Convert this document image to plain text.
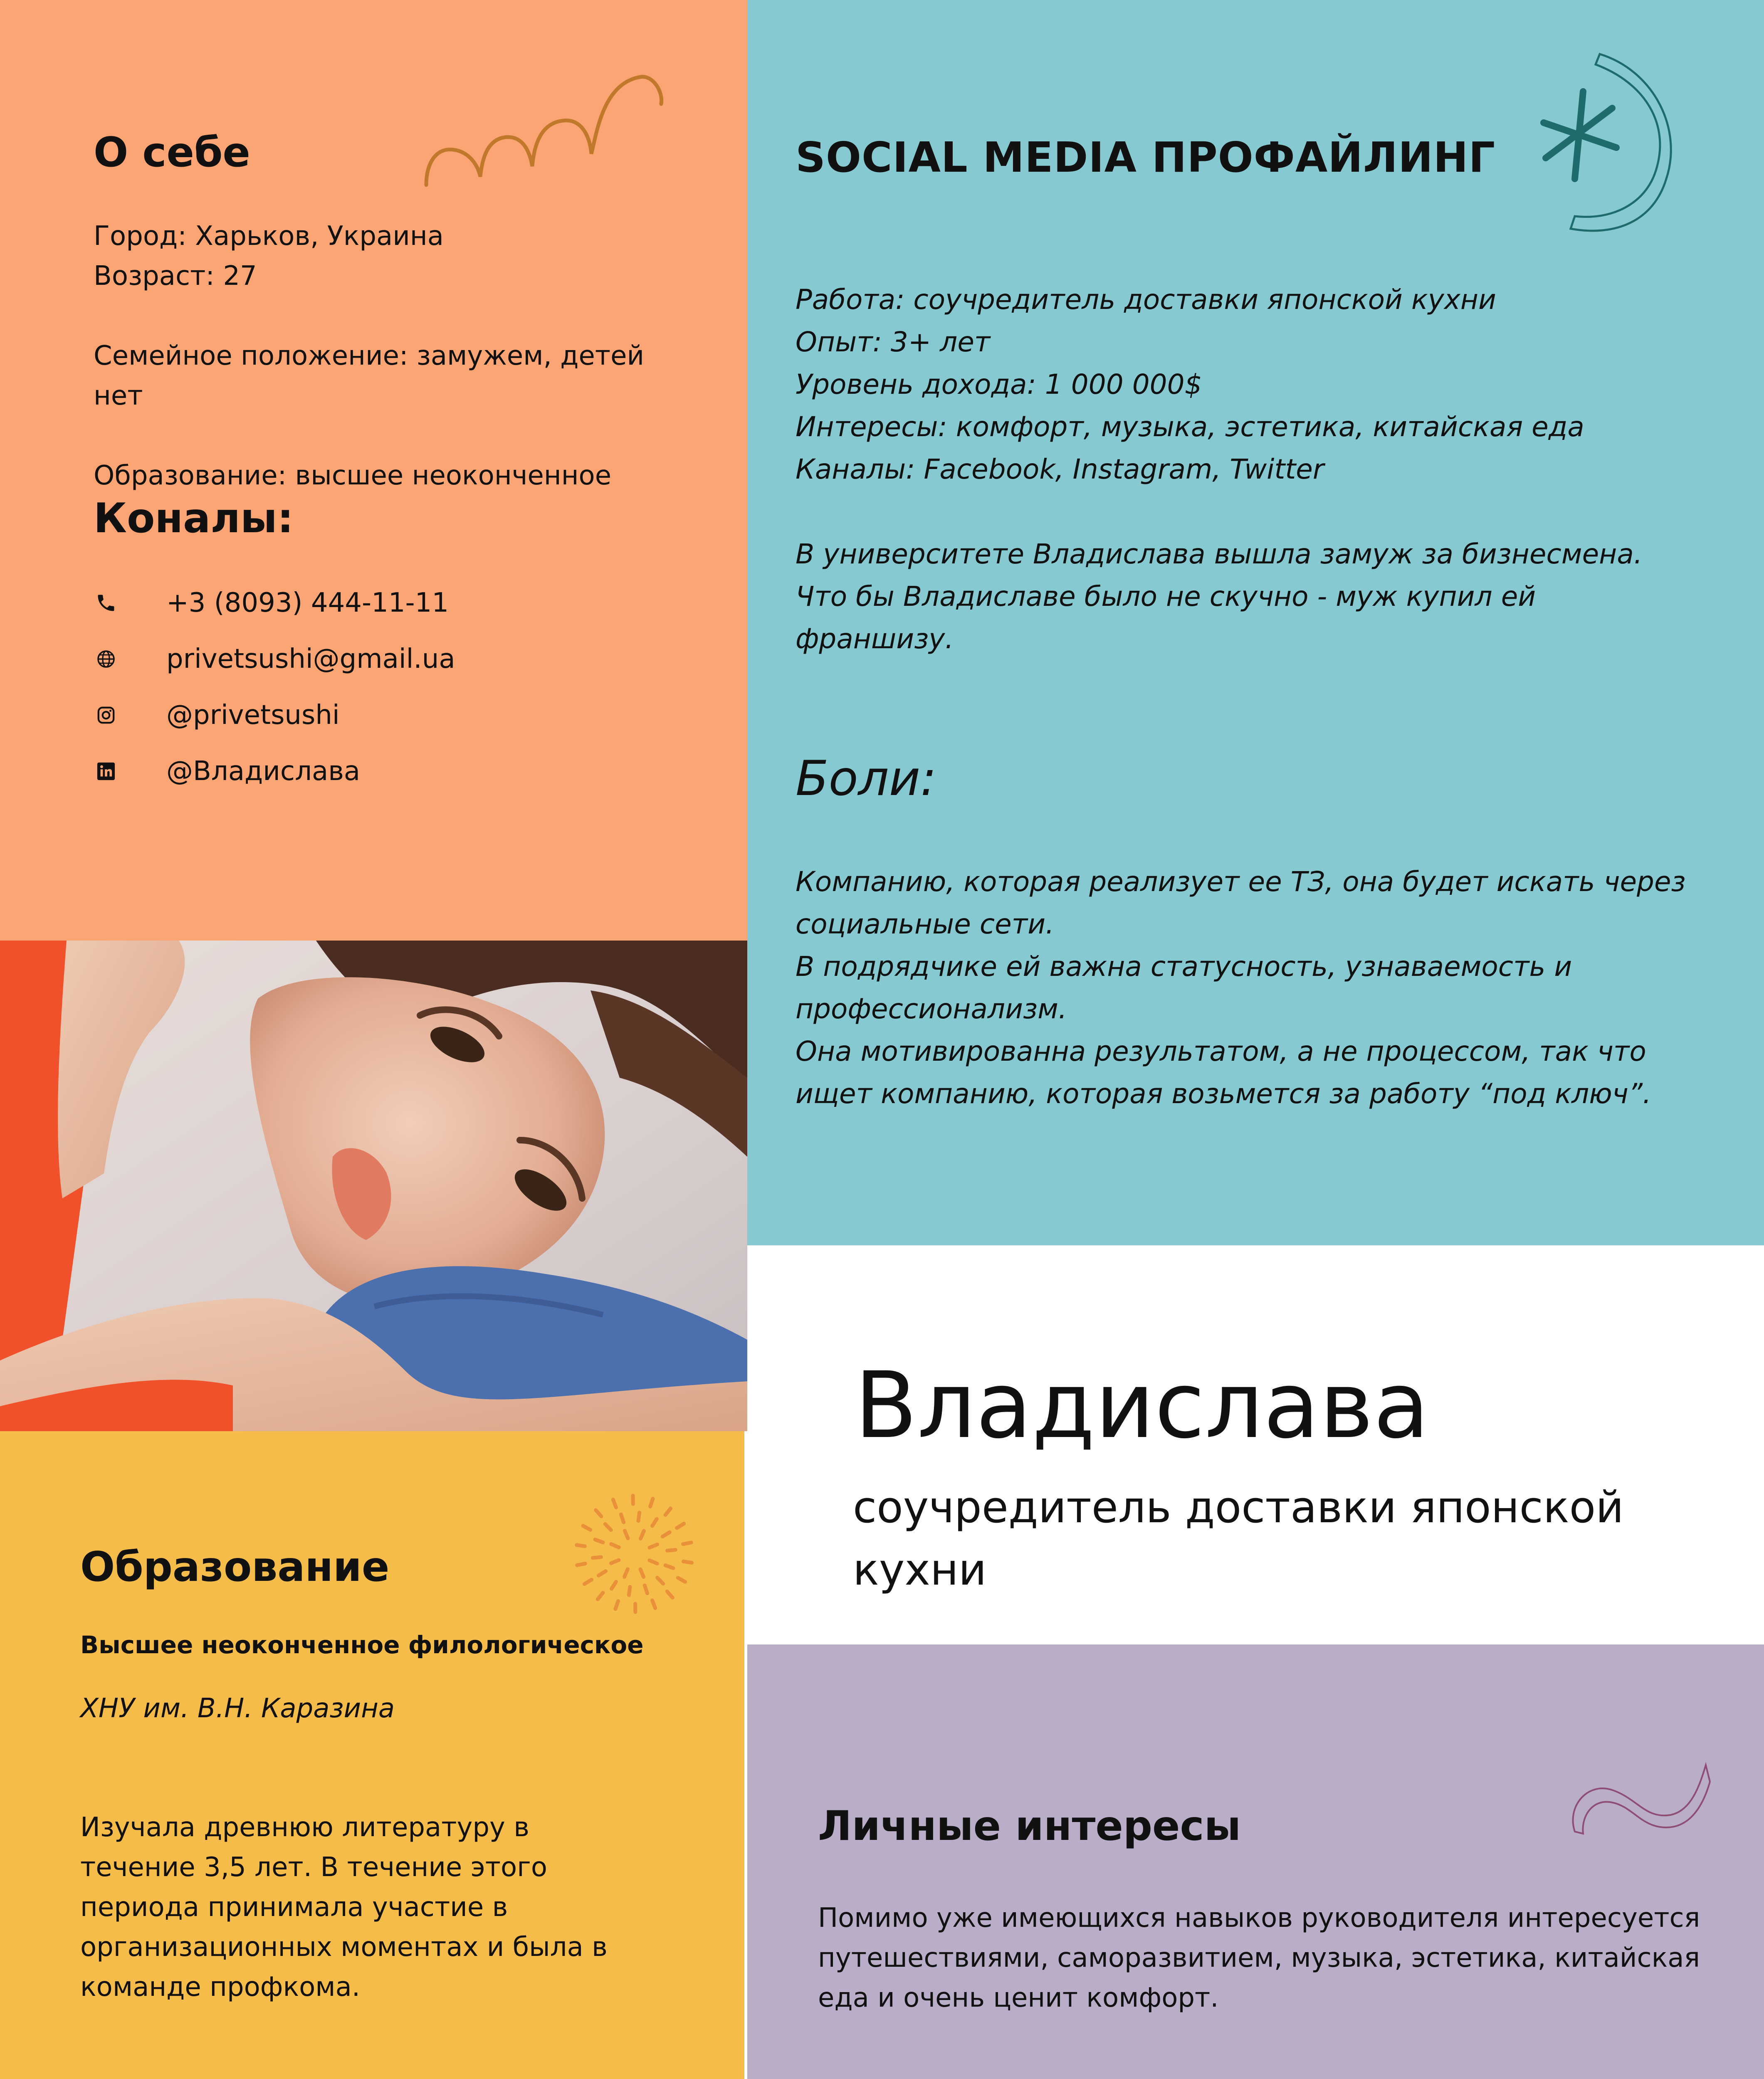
О себе
Город: Харьков, Украина
Возраст: 27
Семейное положение: замужем, детей
нет
Образование: высшее неоконченное
Коналы:
+3 (8093) 444-11-11
privetsushi@gmail.ua
@privetsushi
@Владислава
SOCIAL MEDIA ПРОФАЙЛИНГ
Работа: соучредитель доставки японской кухни
Опыт: 3+ лет
Уровень дохода: 1 000 000$
Интересы: комфорт, музыка, эстетика, китайская еда
Каналы: Facebook, Instagram, Twitter
В университете Владислава вышла замуж за бизнесмена.
Что бы Владиславе было не скучно - муж купил ей
франшизу.
Боли:
Компанию, которая реализует ее ТЗ, она будет искать через
социальные сети.
В подрядчике ей важна статусность, узнаваемость и
профессионализм.
Она мотивированна результатом, а не процессом, так что
ищет компанию, которая возьмется за работу “под ключ”.
Владислава
соучредитель доставки японской
кухни
Образование
Высшее неоконченное филологическое
ХНУ им. В.Н. Каразина
Изучала древнюю литературу в
течение 3,5 лет. В течение этого
периода принимала участие в
организационных моментах и была в
команде профкома.
Личные интересы
Помимо уже имеющихся навыков руководителя интересуется
путешествиями, саморазвитием, музыка, эстетика, китайская
еда и очень ценит комфорт.
